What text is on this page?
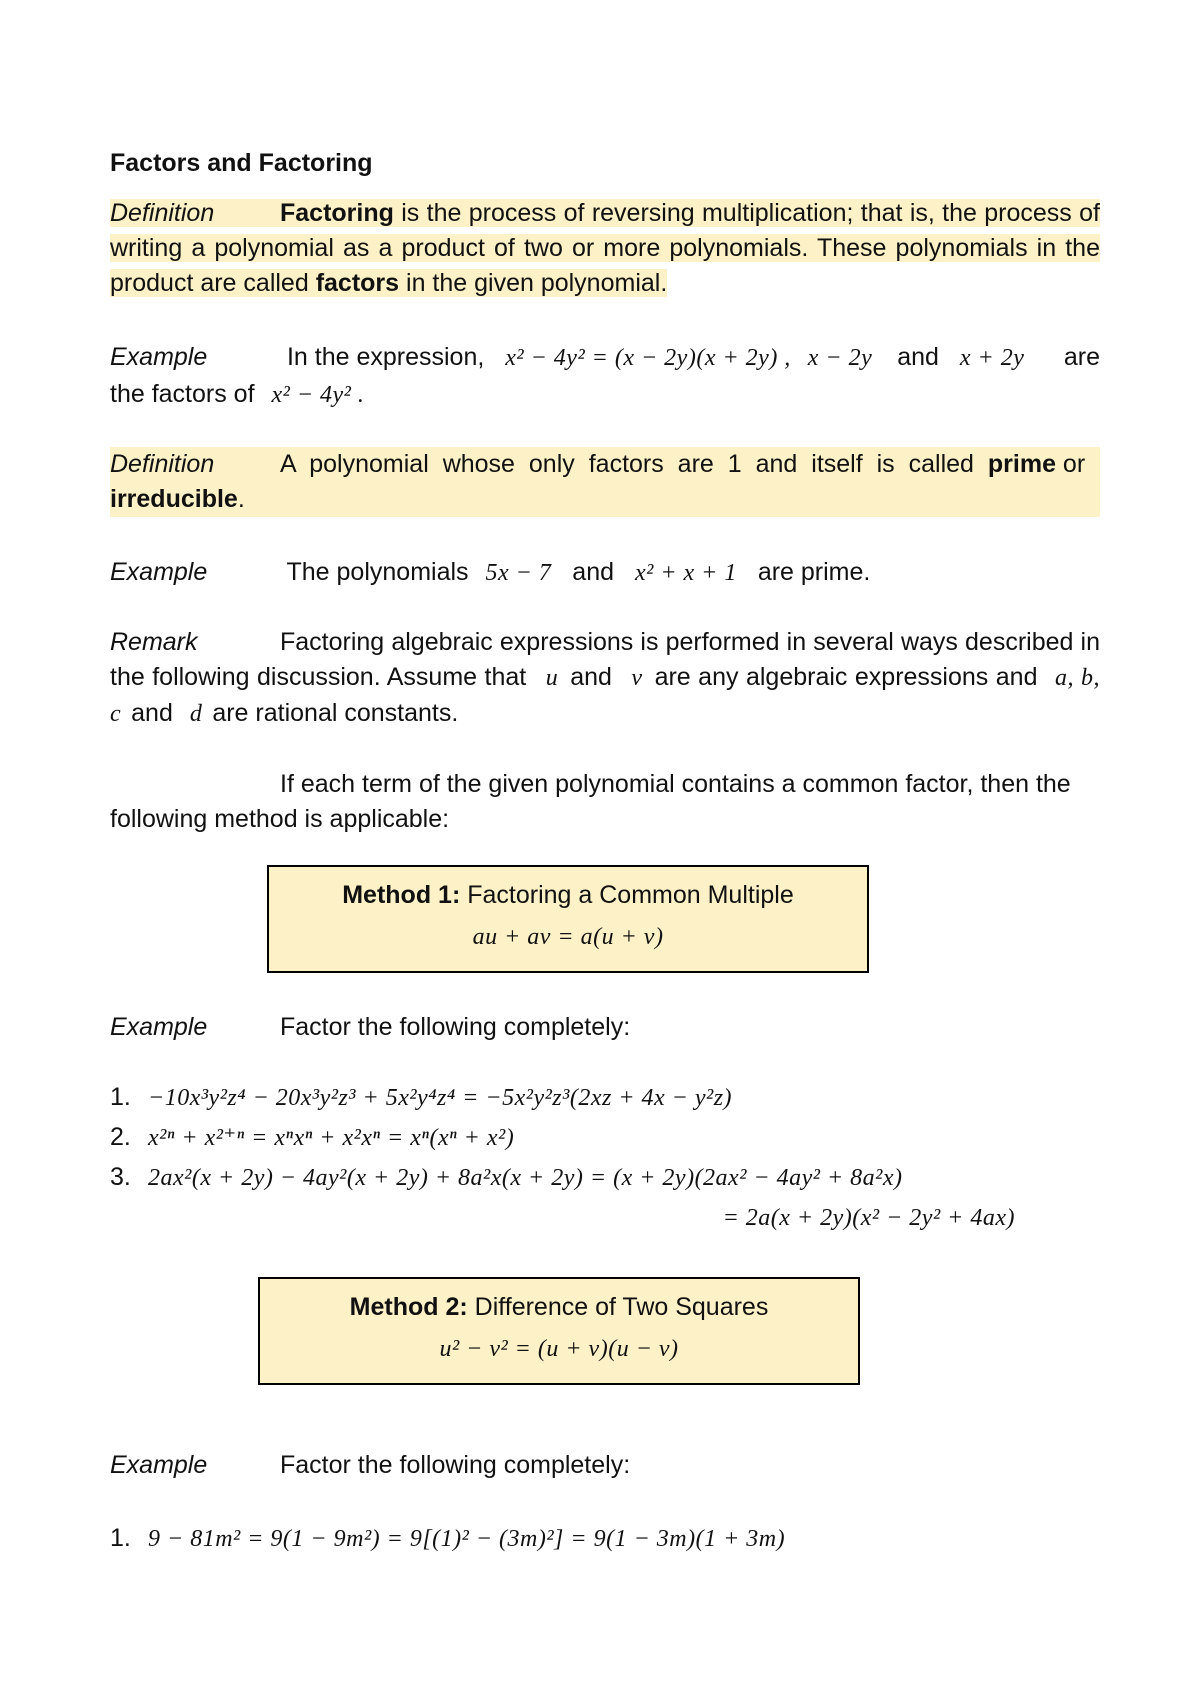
Factors and Factoring
Definition	Factoring is the process of reversing multiplication; that is, the process of writing a polynomial as a product of two or more polynomials. These polynomials in the product are called factors in the given polynomial.
Example	In the expression, x² − 4y² = (x − 2y)(x + 2y) , x − 2y and x + 2y are
the factors of x² − 4y² .
Definition	A polynomial whose only factors are 1 and itself is called prime or
irreducible.
Example	The polynomials 5x − 7 and x² + x + 1 are prime.
Remark	Factoring algebraic expressions is performed in several ways described in the following discussion. Assume that u and v are any algebraic expressions and a, b, c and d are rational constants.
If each term of the given polynomial contains a common factor, then the following method is applicable:
Method 1: Factoring a Common Multiple
au + av = a(u + v)
Example	Factor the following completely:
1. −10x³y²z⁴ − 20x³y²z³ + 5x²y⁴z⁴ = −5x²y²z³(2xz + 4x − y²z)
2. x²ⁿ + x²⁺ⁿ = xⁿxⁿ + x²xⁿ = xⁿ(xⁿ + x²)
3. 2ax²(x + 2y) − 4ay²(x + 2y) + 8a²x(x + 2y) = (x + 2y)(2ax² − 4ay² + 8a²x)
= 2a(x + 2y)(x² − 2y² + 4ax)
Method 2: Difference of Two Squares
u² − v² = (u + v)(u − v)
Example	Factor the following completely:
1. 9 − 81m² = 9(1 − 9m²) = 9[(1)² − (3m)²] = 9(1 − 3m)(1 + 3m)
